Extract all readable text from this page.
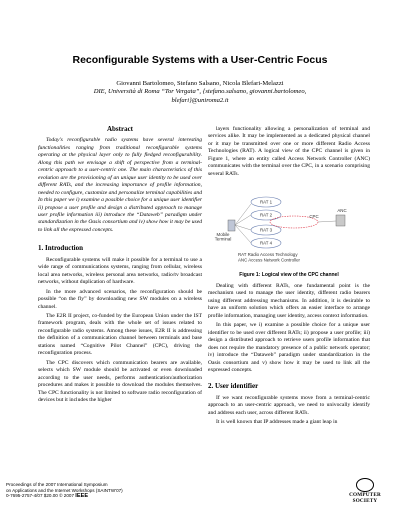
Reconfigurable Systems with a User-Centric Focus
Giovanni Bartolomeo, Stefano Salsano, Nicola Blefari-Melazzi
DIE, Università di Roma “Tor Vergata”, {stefano.salsano, giovanni.bartolomeo,
blefari}@uniroma2.it
Abstract

Today's reconfigurable radio systems have several interesting functionalities ranging from traditional reconfigurable systems operating at the physical layer only to fully fledged reconfigurability. Along this path we envisage a shift of perspective from a terminal-centric approach to a user-centric one. The main characteristics of this evolution are the provisioning of an unique user identity to be used over different RATs, and the increasing importance of profile information, needed to configure, customize and personalize terminal capabilities and In this paper we i) examine a possible choice for a unique user identifier ii) propose a user profile and design a distributed approach to manage user profile information iii) introduce the “Dataweb” paradigm under standardization in the Oasis consortium and iv) show how it may be used to link all the expressed concepts.

1. Introduction

Reconfigurable systems will make it possible for a terminal to use a wide range of communications systems, ranging from cellular, wireless local area networks, wireless personal area networks, radio/tv broadcast networks, without duplication of hardware.

In the more advanced scenarios, the reconfiguration should be possible “on the fly” by downloading new SW modules on a wireless channel.

The E2R II project, co-funded by the European Union under the IST framework program, deals with the whole set of issues related to reconfigurable radio systems. Among these issues, E2R II is addressing the definition of a communication channel between terminals and base stations named “Cognitive Pilot Channel” (CPC), driving the reconfiguration process.

The CPC discovers which communication bearers are available, selects which SW module should be activated or even downloaded according to the user needs, performs authentication/authorization procedures and makes it possible to download the modules themselves. The CPC functionality is not limited to software radio reconfiguration of devices but it includes the higher

layers functionality allowing a personalization of terminal and services alike. It may be implemented as a dedicated physical channel or it may be transmitted over one or more different Radio Access Technologies (RAT). A logical view of the CPC channel is given in Figure 1, where an entity called Access Network Controller (ANC) communicates with the terminal over the CPC, in a scenario comprising several RATs.

RAT 1
RAT 2
RAT 3
RAT 4
CPC
Mobile
Terminal
ANC
RAT Radio Access Technology
ANC Access Network Controller
Figure 1: Logical view of the CPC channel

Dealing with different RATs, one fundamental point is the mechanism used to manage the user identity, different radio bearers using different addressing mechanisms. In addition, it is desirable to have an uniform solution which offers an easier interface to arrange profile information, managing user identity, access context information.

In this paper, we i) examine a possible choice for a unique user identifier to be used over different RATs; ii) propose a user profile; iii) design a distributed approach to retrieve users profile information that does not require the mandatory presence of a public network operator; iv) introduce the “Dataweb” paradigm under standardization in the Oasis consortium and v) show how it may be used to link all the expressed concepts.

2. User identifier

If we want reconfigurable systems move from a terminal-centric approach to an user-centric approach, we need to univocally identify and address each user, across different RATs.

It is well known that IP addresses made a giant leap in

Proceedings of the 2007 International Symposium
on Applications and the Internet Workshops (SAINTW'07)
0-7695-2757-4/07 $20.00 © 2007 IEEE	COMPUTER
SOCIETY
